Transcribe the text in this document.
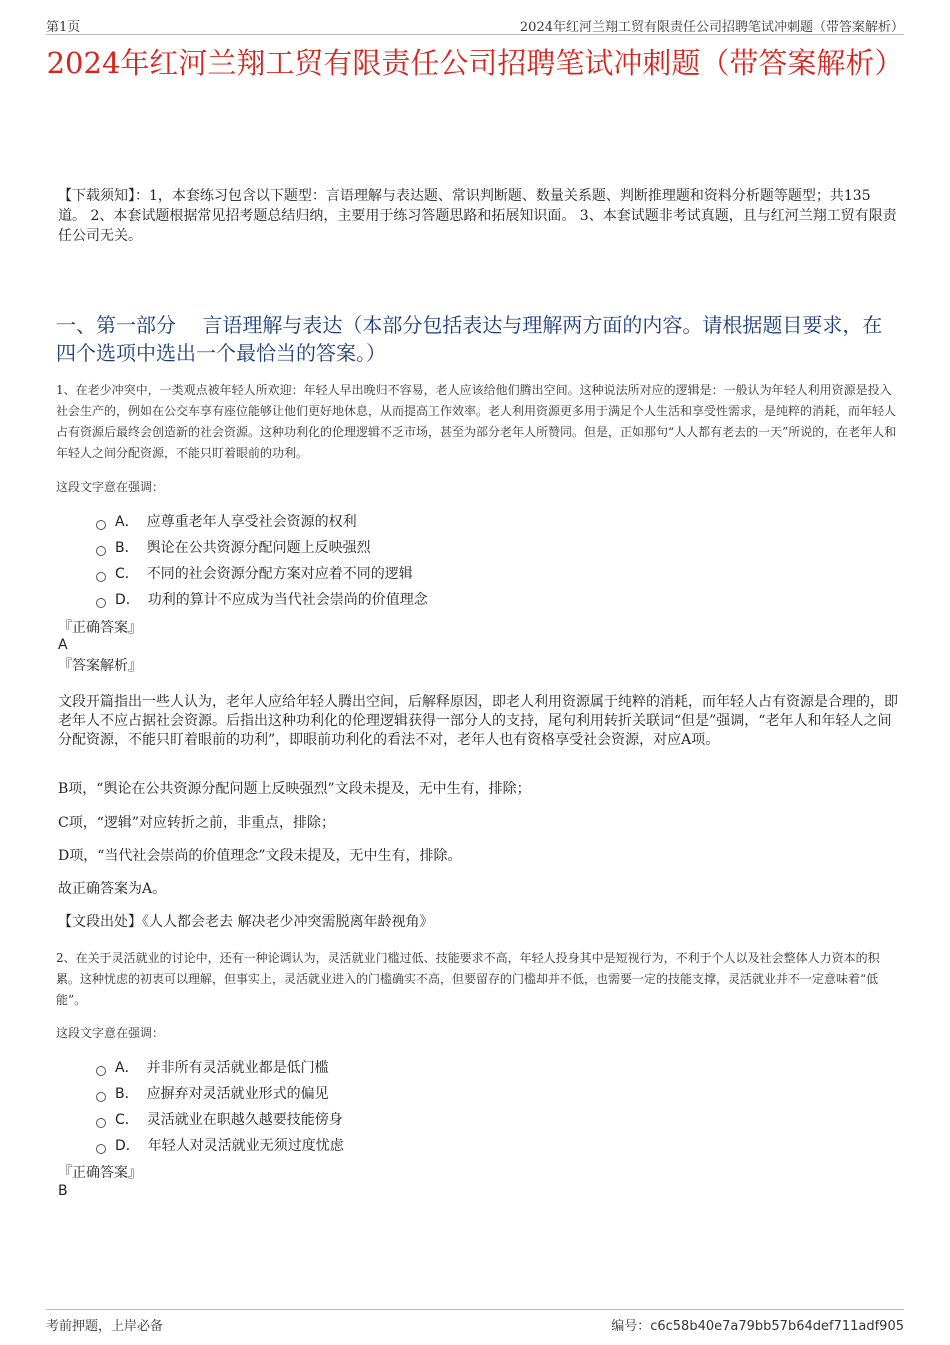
第1页	2024年红河兰翔工贸有限责任公司招聘笔试冲刺题（带答案解析）
2024年红河兰翔工贸有限责任公司招聘笔试冲刺题（带答案解析）
【下载须知】：1，本套练习包含以下题型：言语理解与表达题、常识判断题、数量关系题、判断推理题和资料分析题等题型；共135道。 2、本套试题根据常见招考题总结归纳，主要用于练习答题思路和拓展知识面。 3、本套试题非考试真题，且与红河兰翔工贸有限责任公司无关。
一、第一部分　 言语理解与表达（本部分包括表达与理解两方面的内容。请根据题目要求，在四个选项中选出一个最恰当的答案。）
1、在老少冲突中，一类观点被年轻人所欢迎：年轻人早出晚归不容易，老人应该给他们腾出空间。这种说法所对应的逻辑是：一般认为年轻人利用资源是投入社会生产的，例如在公交车享有座位能够让他们更好地休息，从而提高工作效率。老人利用资源更多用于满足个人生活和享受性需求，是纯粹的消耗，而年轻人占有资源后最终会创造新的社会资源。这种功利化的伦理逻辑不乏市场，甚至为部分老年人所赞同。但是，正如那句“人人都有老去的一天”所说的，在老年人和年轻人之间分配资源，不能只盯着眼前的功利。
这段文字意在强调：
A． 应尊重老年人享受社会资源的权利
B． 舆论在公共资源分配问题上反映强烈
C． 不同的社会资源分配方案对应着不同的逻辑
D． 功利的算计不应成为当代社会崇尚的价值理念
『正确答案』
A
『答案解析』
文段开篇指出一些人认为，老年人应给年轻人腾出空间，后解释原因，即老人利用资源属于纯粹的消耗，而年轻人占有资源是合理的，即老年人不应占据社会资源。后指出这种功利化的伦理逻辑获得一部分人的支持，尾句利用转折关联词“但是”强调，“老年人和年轻人之间分配资源，不能只盯着眼前的功利”，即眼前功利化的看法不对，老年人也有资格享受社会资源，对应A项。
B项，“舆论在公共资源分配问题上反映强烈”文段未提及，无中生有，排除；
C项，“逻辑”对应转折之前，非重点，排除；
D项，“当代社会崇尚的价值理念”文段未提及，无中生有，排除。
故正确答案为A。
【文段出处】《人人都会老去 解决老少冲突需脱离年龄视角》
2、在关于灵活就业的讨论中，还有一种论调认为，灵活就业门槛过低、技能要求不高，年轻人投身其中是短视行为，不利于个人以及社会整体人力资本的积累。这种忧虑的初衷可以理解，但事实上，灵活就业进入的门槛确实不高，但要留存的门槛却并不低，也需要一定的技能支撑，灵活就业并不一定意味着“低能”。
这段文字意在强调：
A． 并非所有灵活就业都是低门槛
B． 应摒弃对灵活就业形式的偏见
C． 灵活就业在职越久越要技能傍身
D． 年轻人对灵活就业无须过度忧虑
『正确答案』
B
考前押题，上岸必备	编号：c6c58b40e7a79bb57b64def711adf905
